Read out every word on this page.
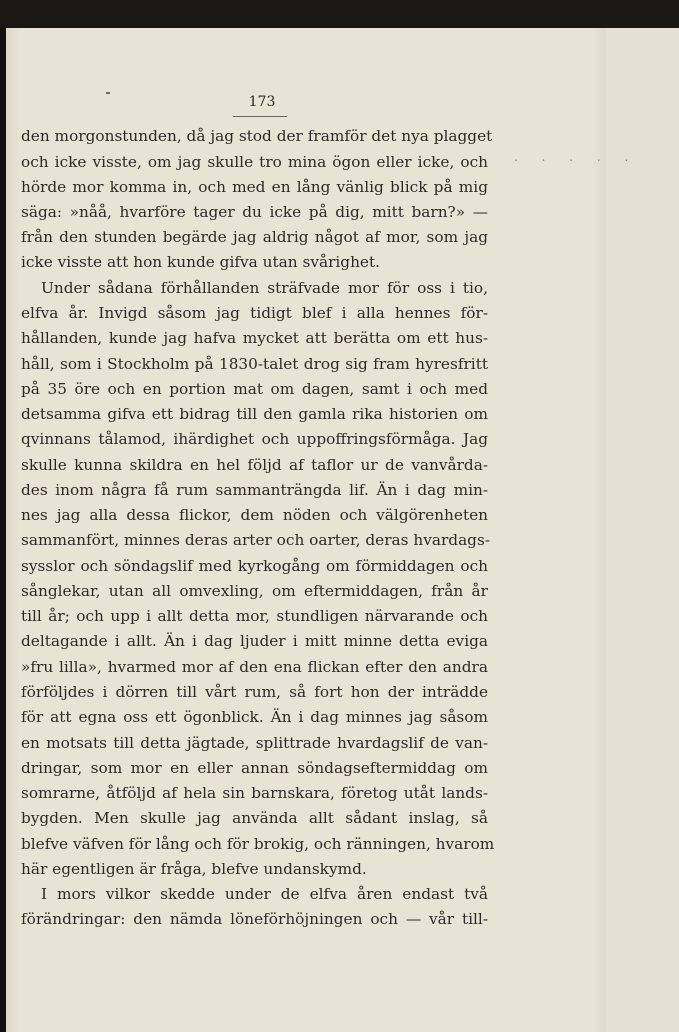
. . . . .
173
den morgonstunden, då jag stod der framför det nya plagget
och icke visste, om jag skulle tro mina ögon eller icke, och
hörde mor komma in, och med en lång vänlig blick på mig
säga: »nåå, hvarföre tager du icke på dig, mitt barn?» —
från den stunden begärde jag aldrig något af mor, som jag
icke visste att hon kunde gifva utan svårighet.
Under sådana förhållanden sträfvade mor för oss i tio,
elfva år. Invigd såsom jag tidigt blef i alla hennes för-
hållanden, kunde jag hafva mycket att berätta om ett hus-
håll, som i Stockholm på 1830-talet drog sig fram hyresfritt
på 35 öre och en portion mat om dagen, samt i och med
detsamma gifva ett bidrag till den gamla rika historien om
qvinnans tålamod, ihärdighet och uppoffringsförmåga. Jag
skulle kunna skildra en hel följd af taflor ur de vanvårda-
des inom några få rum sammanträngda lif. Än i dag min-
nes jag alla dessa flickor, dem nöden och välgörenheten
sammanfört, minnes deras arter och oarter, deras hvardags-
sysslor och söndagslif med kyrkogång om förmiddagen och
sånglekar, utan all omvexling, om eftermiddagen, från år
till år; och upp i allt detta mor, stundligen närvarande och
deltagande i allt. Än i dag ljuder i mitt minne detta eviga
»fru lilla», hvarmed mor af den ena flickan efter den andra
förföljdes i dörren till vårt rum, så fort hon der inträdde
för att egna oss ett ögonblick. Än i dag minnes jag såsom
en motsats till detta jägtade, splittrade hvardagslif de van-
dringar, som mor en eller annan söndagseftermiddag om
somrarne, åtföljd af hela sin barnskara, företog utåt lands-
bygden. Men skulle jag använda allt sådant inslag, så
blefve väfven för lång och för brokig, och ränningen, hvarom
här egentligen är fråga, blefve undanskymd.
I mors vilkor skedde under de elfva åren endast två
förändringar: den nämda löneförhöjningen och — vår till-
